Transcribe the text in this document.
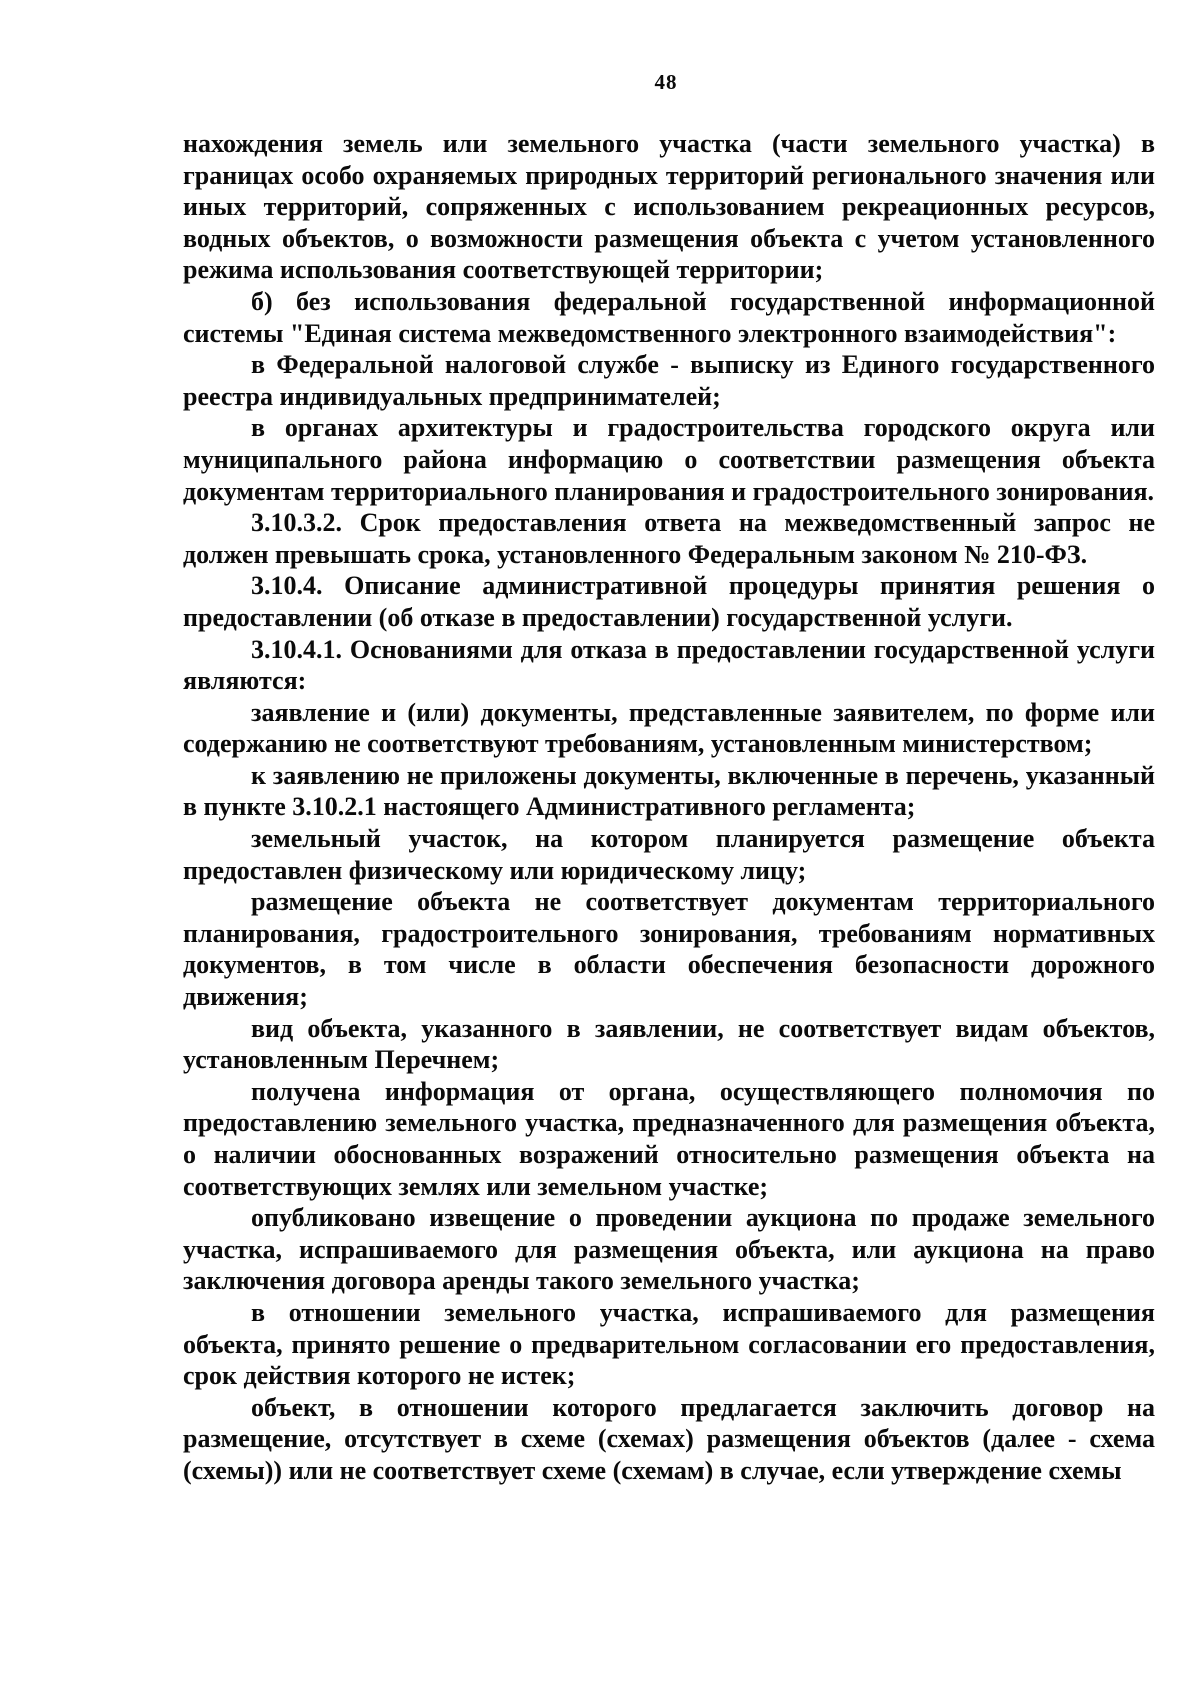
48

нахождения земель или земельного участка (части земельного участка) в границах особо охраняемых природных территорий регионального значения или иных территорий, сопряженных с использованием рекреационных ресурсов, водных объектов, о возможности размещения объекта с учетом установленного режима использования соответствующей территории;

б) без использования федеральной государственной информационной системы "Единая система межведомственного электронного взаимодействия":

в Федеральной налоговой службе - выписку из Единого государственного реестра индивидуальных предпринимателей;

в органах архитектуры и градостроительства городского округа или муниципального района информацию о соответствии размещения объекта документам территориального планирования и градостроительного зонирования.

3.10.3.2. Срок предоставления ответа на межведомственный запрос не должен превышать срока, установленного Федеральным законом № 210-ФЗ.

3.10.4. Описание административной процедуры принятия решения о предоставлении (об отказе в предоставлении) государственной услуги.

3.10.4.1. Основаниями для отказа в предоставлении государственной услуги являются:

заявление и (или) документы, представленные заявителем, по форме или содержанию не соответствуют требованиям, установленным министерством;

к заявлению не приложены документы, включенные в перечень, указанный в пункте 3.10.2.1 настоящего Административного регламента;

земельный участок, на котором планируется размещение объекта предоставлен физическому или юридическому лицу;

размещение объекта не соответствует документам территориального планирования, градостроительного зонирования, требованиям нормативных документов, в том числе в области обеспечения безопасности дорожного движения;

вид объекта, указанного в заявлении, не соответствует видам объектов, установленным Перечнем;

получена информация от органа, осуществляющего полномочия по предоставлению земельного участка, предназначенного для размещения объекта, о наличии обоснованных возражений относительно размещения объекта на соответствующих землях или земельном участке;

опубликовано извещение о проведении аукциона по продаже земельного участка, испрашиваемого для размещения объекта, или аукциона на право заключения договора аренды такого земельного участка;

в отношении земельного участка, испрашиваемого для размещения объекта, принято решение о предварительном согласовании его предоставления, срок действия которого не истек;

объект, в отношении которого предлагается заключить договор на размещение, отсутствует в схеме (схемах) размещения объектов (далее - схема (схемы)) или не соответствует схеме (схемам) в случае, если утверждение схемы
